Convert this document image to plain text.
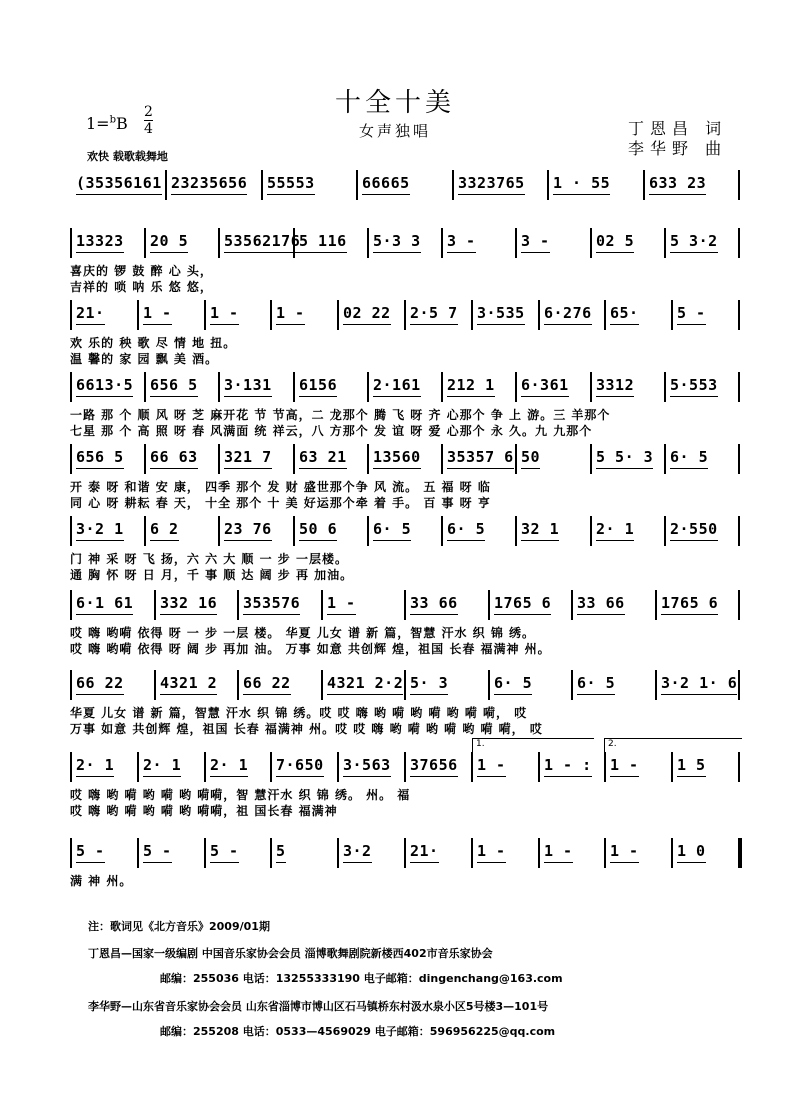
十全十美
女声独唱
1=$^b$B
2
4	丁恩昌 词
李华野 曲
欢快 载歌载舞地
(35356161 23235656 55553	66665	3323765 1 · 55	633 23
13323 20 5 53562176
5 116 5·3 3 3 -	3 -	02 5 5 3·2
喜庆的 锣 鼓 醉 心 头，
吉祥的 唢 呐 乐 悠 悠，
21·	1 -	1 - 1 -	02 22 2·5 7 3·535 6·276 65·	5 -
欢 乐的 秧 歌 尽 情 地 扭。
温 馨的 家 园 飘 美 酒。
6613·5 656 5 3·131 6156 2·161 212 1 6·361 3312 5·553
一路 那 个 顺 风 呀 芝 麻开花 节 节高，二 龙那个 腾 飞 呀 齐 心那个 争 上 游。三 羊那个
七星 那 个 高 照 呀 春 风满面 统 祥云，八 方那个 发 谊 呀 爱 心那个 永 久。九 九那个
656 5 66 63 321 7 63 21 13560 35357 6 50	5 5· 3 6· 5
开 泰 呀 和谐 安 康， 四季 那个 发 财 盛世那个争 风 流。 五 福 呀 临
同 心 呀 耕耘 春 天， 十全 那个 十 美 好运那个牵 着 手。 百 事 呀 亨
3·2 1 6 2	23 76 50 6 6· 5 6· 5 32 1 2· 1 2·550
门 神 采 呀 飞 扬，六 六 大 顺 一 步 一层楼。
通 胸 怀 呀 日 月，千 事 顺 达 阔 步 再 加油。
6·1 61 332 16 353576 1 -	33 66 1765 6 33 66 1765 6
哎 嗨 哟嗬 依得 呀 一 步 一层 楼。 华夏 儿女 谱 新 篇，智慧 汗水 织 锦 绣。
哎 嗨 哟嗬 依得 呀 阔 步 再加 油。 万事 如意 共创辉 煌，祖国 长春 福满神 州。
66 22 4321 2 66 22 4321 2·2 5· 3	6· 5	6· 5	3·2 1· 6
华夏 儿女 谱 新 篇，智慧 汗水 织 锦 绣。哎 哎 嗨 哟 嗬 哟 嗬 哟 嗬 嗬， 哎
万事 如意 共创辉 煌，祖国 长春 福满神 州。哎 哎 嗨 哟 嗬 哟 嗬 哟 嗬 嗬， 哎
2· 1 2· 1 2· 1 7·650 3·563 37656 1 -	1 - : 1 -	1 5
哎 嗨 哟 嗬 哟 嗬 哟 嗬嗬，智 慧汗水 织 锦 绣。 州。 福
哎 嗨 哟 嗬 哟 嗬 哟 嗬嗬，祖 国长春 福满神
5 -	5 -	5 - 5	3·2	21·	1 -	1 - 1 -	1 0
满 神 州。
1.	2.
注：歌词见《北方音乐》2009/01期
丁恩昌—国家一级编剧 中国音乐家协会会员 淄博歌舞剧院新楼西402市音乐家协会
邮编：255036 电话：13255333190 电子邮箱：dingenchang@163.com
李华野—山东省音乐家协会会员 山东省淄博市博山区石马镇桥东村汲水泉小区5号楼3—101号
邮编：255208 电话：0533—4569029 电子邮箱：596956225@qq.com
